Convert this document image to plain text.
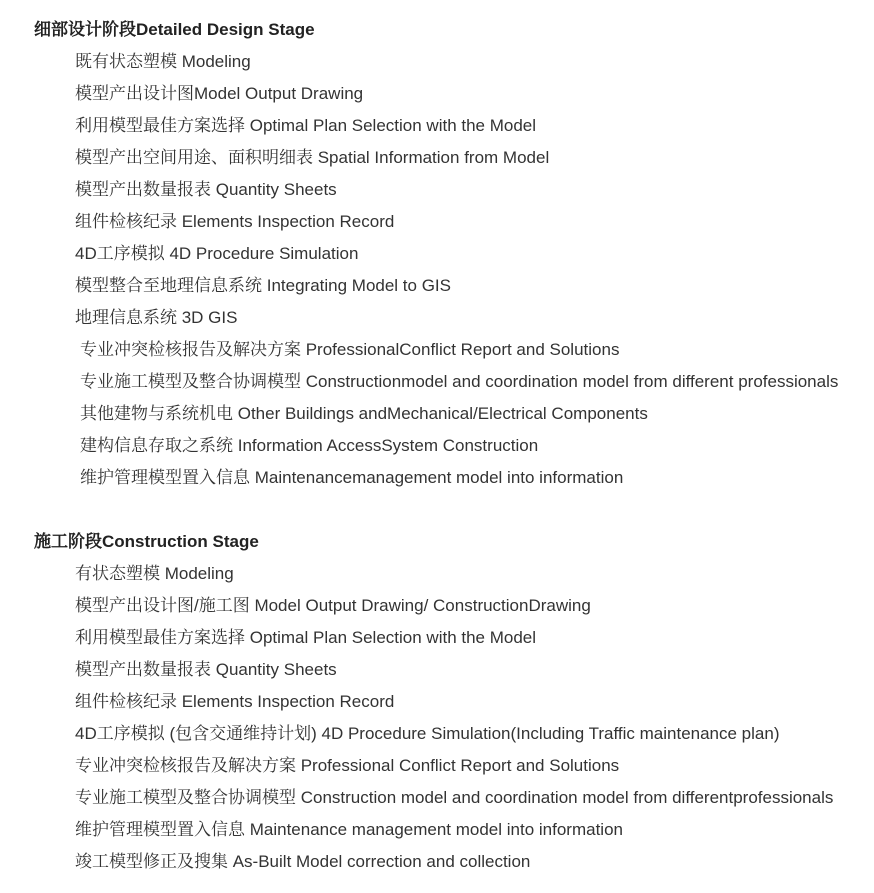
细部设计阶段Detailed Design Stage
既有状态塑模 Modeling
模型产出设计图Model Output Drawing
利用模型最佳方案选择 Optimal Plan Selection with the Model
模型产出空间用途、面积明细表 Spatial Information from Model
模型产出数量报表 Quantity Sheets
组件检核纪录 Elements Inspection Record
4D工序模拟 4D Procedure Simulation
模型整合至地理信息系统 Integrating Model to GIS
地理信息系统 3D GIS
专业冲突检核报告及解决方案 ProfessionalConflict Report and Solutions
专业施工模型及整合协调模型 Constructionmodel and coordination model from different professionals
其他建物与系统机电 Other Buildings andMechanical/Electrical Components
建构信息存取之系统 Information AccessSystem Construction
维护管理模型置入信息 Maintenancemanagement model into information
施工阶段Construction Stage
有状态塑模 Modeling
模型产出设计图/施工图 Model Output Drawing/ ConstructionDrawing
利用模型最佳方案选择 Optimal Plan Selection with the Model
模型产出数量报表 Quantity Sheets
组件检核纪录 Elements Inspection Record
4D工序模拟 (包含交通维持计划) 4D Procedure Simulation(Including Traffic maintenance plan)
专业冲突检核报告及解决方案 Professional Conflict Report and Solutions
专业施工模型及整合协调模型 Construction model and coordination model from differentprofessionals
维护管理模型置入信息 Maintenance management model into information
竣工模型修正及搜集 As-Built Model correction and collection
